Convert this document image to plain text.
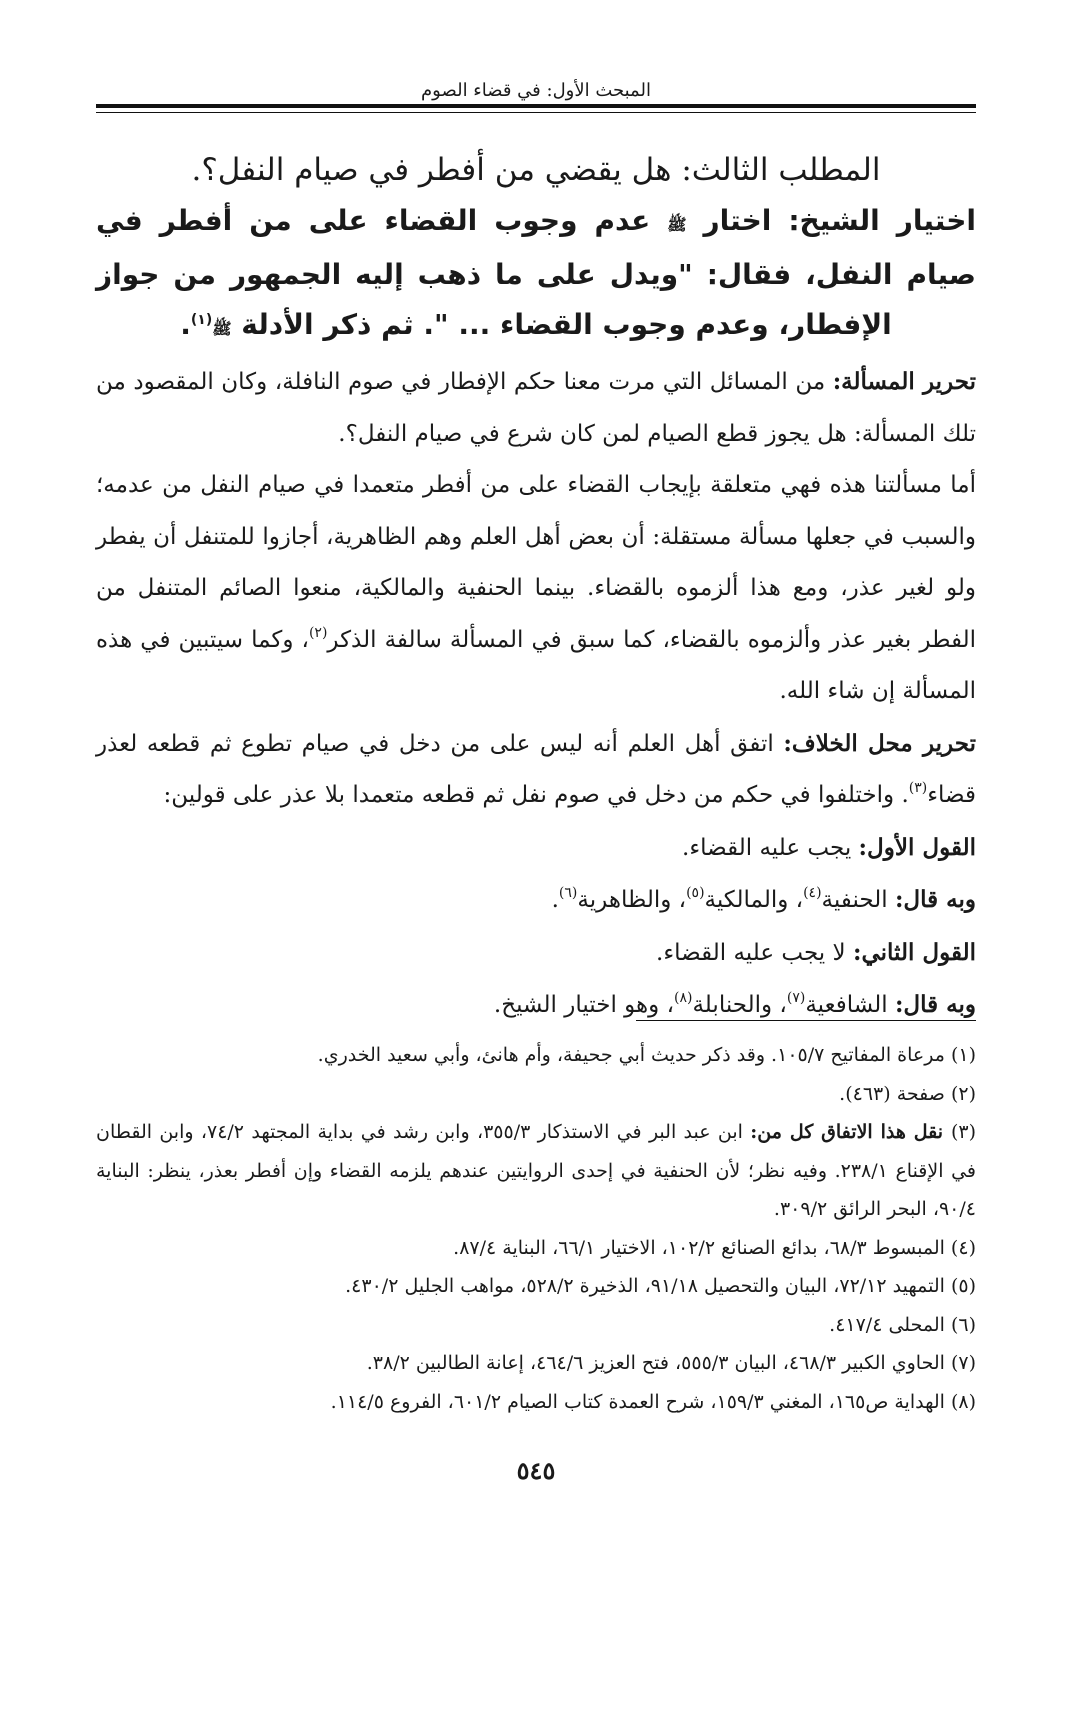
المبحث الأول: في قضاء الصوم
المطلب الثالث: هل يقضي من أفطر في صيام النفل؟.

اختيار الشيخ: اختار ﷺ عدم وجوب القضاء على من أفطر في صيام النفل، فقال: "ويدل على ما ذهب إليه الجمهور من جواز الإفطار، وعدم وجوب القضاء ... ". ثم ذكر الأدلة ﷺ$^{(١)}$.

تحرير المسألة: من المسائل التي مرت معنا حكم الإفطار في صوم النافلة، وكان المقصود من تلك المسألة: هل يجوز قطع الصيام لمن كان شرع في صيام النفل؟.

أما مسألتنا هذه فهي متعلقة بإيجاب القضاء على من أفطر متعمدا في صيام النفل من عدمه؛ والسبب في جعلها مسألة مستقلة: أن بعض أهل العلم وهم الظاهرية، أجازوا للمتنفل أن يفطر ولو لغير عذر، ومع هذا ألزموه بالقضاء. بينما الحنفية والمالكية، منعوا الصائم المتنفل من الفطر بغير عذر وألزموه بالقضاء، كما سبق في المسألة سالفة الذكر$^{(٢)}$، وكما سيتبين في هذه المسألة إن شاء الله.

تحرير محل الخلاف: اتفق أهل العلم أنه ليس على من دخل في صيام تطوع ثم قطعه لعذر قضاء$^{(٣)}$. واختلفوا في حكم من دخل في صوم نفل ثم قطعه متعمدا بلا عذر على قولين:

القول الأول: يجب عليه القضاء.

وبه قال: الحنفية$^{(٤)}$، والمالكية$^{(٥)}$، والظاهرية$^{(٦)}$.

القول الثاني: لا يجب عليه القضاء.

وبه قال: الشافعية$^{(٧)}$، والحنابلة$^{(٨)}$، وهو اختيار الشيخ.

(١) مرعاة المفاتيح ١٠٥/٧. وقد ذكر حديث أبي جحيفة، وأم هانئ، وأبي سعيد الخدري.

(٢) صفحة (٤٦٣).

(٣) نقل هذا الاتفاق كل من: ابن عبد البر في الاستذكار ٣٥٥/٣، وابن رشد في بداية المجتهد ٧٤/٢، وابن القطان في الإقناع ٢٣٨/١. وفيه نظر؛ لأن الحنفية في إحدى الروايتين عندهم يلزمه القضاء وإن أفطر بعذر، ينظر: البناية ٩٠/٤، البحر الرائق ٣٠٩/٢.

(٤) المبسوط ٦٨/٣، بدائع الصنائع ١٠٢/٢، الاختيار ٦٦/١، البناية ٨٧/٤.

(٥) التمهيد ٧٢/١٢، البيان والتحصيل ٩١/١٨، الذخيرة ٥٢٨/٢، مواهب الجليل ٤٣٠/٢.

(٦) المحلى ٤١٧/٤.

(٧) الحاوي الكبير ٤٦٨/٣، البيان ٥٥٥/٣، فتح العزيز ٤٦٤/٦، إعانة الطالبين ٣٨/٢.

(٨) الهداية ص١٦٥، المغني ١٥٩/٣، شرح العمدة كتاب الصيام ٦٠١/٢، الفروع ١١٤/٥.

٥٤٥
